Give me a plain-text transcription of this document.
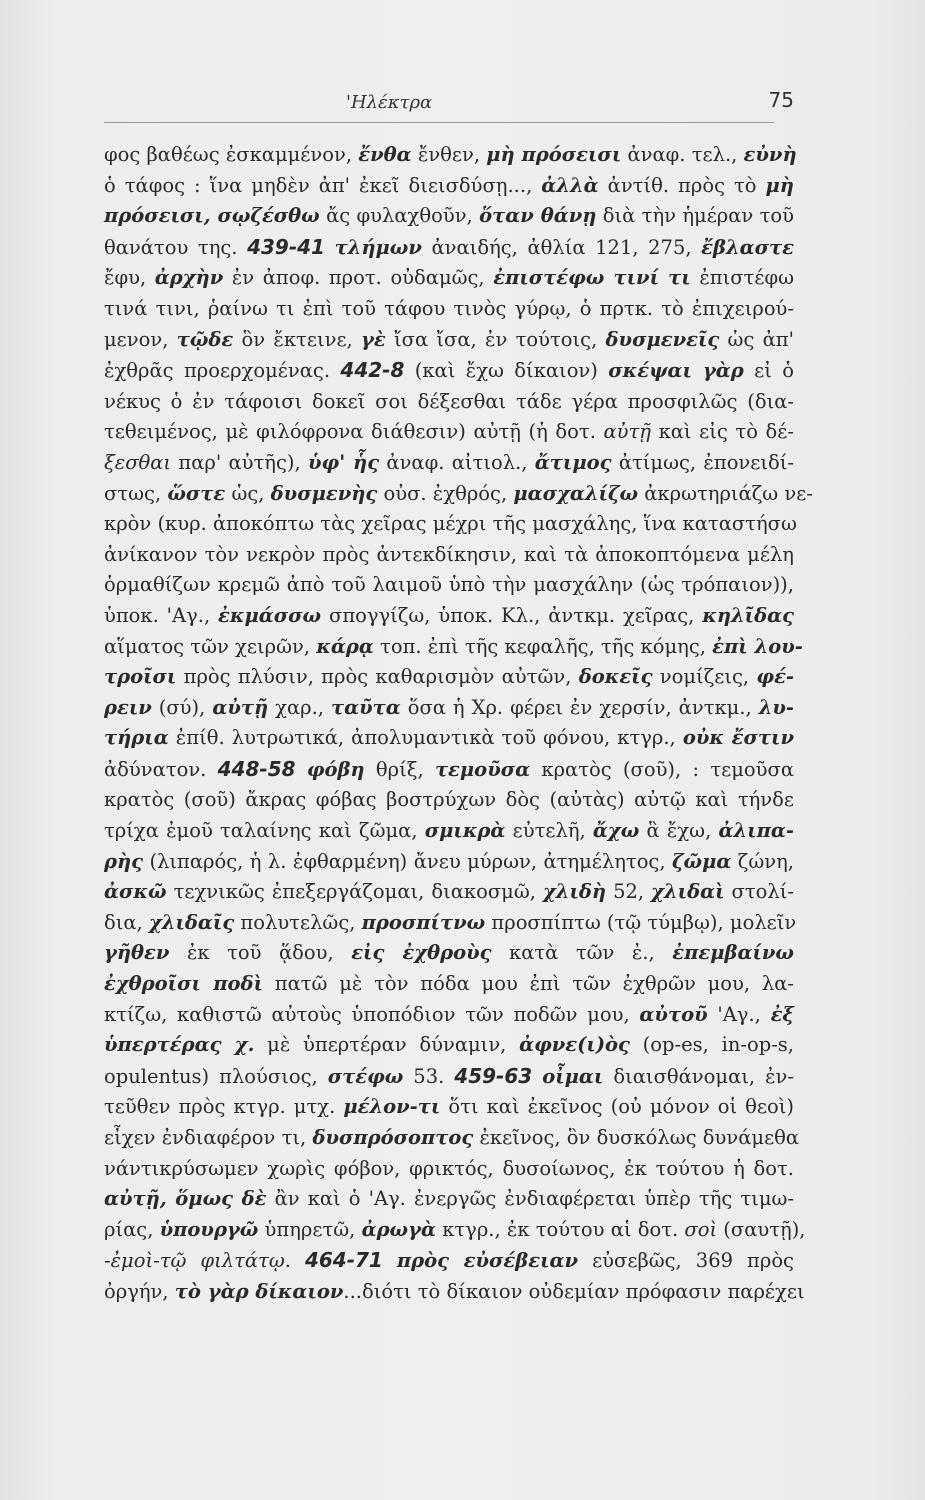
'Ηλέκτρα	75
φος βαθέως ἐσκαμμένον, ἔνθα ἔνθεν, μὴ πρόσεισι ἀναφ. τελ., εὐνὴ
ὁ τάφος : ἵνα μηδὲν ἀπ' ἐκεῖ διεισδύσῃ..., ἀλλὰ ἀντίθ. πρὸς τὸ μὴ
πρόσεισι, σῳζέσθω ἄς φυλαχθοῦν, ὅταν θάνῃ διὰ τὴν ἡμέραν τοῦ
θανάτου της. 439-41 τλήμων ἀναιδής, ἀθλία 121, 275, ἔβλαστε
ἔφυ, ἀρχὴν ἐν ἀποφ. προτ. οὐδαμῶς, ἐπιστέφω τινί τι ἐπιστέφω
τινά τινι, ῥαίνω τι ἐπὶ τοῦ τάφου τινὸς γύρῳ, ὁ πρτκ. τὸ ἐπιχειρού-
μενον, τῷδε ὃν ἔκτεινε, γὲ ἴσα ἴσα, ἐν τούτοις, δυσμενεῖς ὡς ἀπ'
ἐχθρᾶς προερχομένας. 442-8 (καὶ ἔχω δίκαιον) σκέψαι γὰρ εἰ ὁ
νέκυς ὁ ἐν τάφοισι δοκεῖ σοι δέξεσθαι τάδε γέρα προσφιλῶς (δια-
τεθειμένος, μὲ φιλόφρονα διάθεσιν) αὐτῇ (ἡ δοτ. αὐτῇ καὶ εἰς τὸ δέ-
ξεσθαι παρ' αὐτῆς), ὑφ' ἧς ἀναφ. αἰτιολ., ἄτιμος ἀτίμως, ἐπονειδί-
στως, ὥστε ὡς, δυσμενὴς οὐσ. ἐχθρός, μασχαλίζω ἀκρωτηριάζω νε-
κρὸν (κυρ. ἀποκόπτω τὰς χεῖρας μέχρι τῆς μασχάλης, ἵνα καταστήσω
ἀνίκανον τὸν νεκρὸν πρὸς ἀντεκδίκησιν, καὶ τὰ ἀποκοπτόμενα μέλη
ὁρμαθίζων κρεμῶ ἀπὸ τοῦ λαιμοῦ ὑπὸ τὴν μασχάλην (ὡς τρόπαιον)),
ὑποκ. 'Αγ., ἐκμάσσω σπογγίζω, ὑποκ. Κλ., ἀντκμ. χεῖρας, κηλῖδας
αἵματος τῶν χειρῶν, κάρᾳ τοπ. ἐπὶ τῆς κεφαλῆς, τῆς κόμης, ἐπὶ λου-
τροῖσι πρὸς πλύσιν, πρὸς καθαρισμὸν αὐτῶν, δοκεῖς νομίζεις, φέ-
ρειν (σύ), αὐτῇ χαρ., ταῦτα ὅσα ἡ Χρ. φέρει ἐν χερσίν, ἀντκμ., λυ-
τήρια ἐπίθ. λυτρωτικά, ἀπολυμαντικὰ τοῦ φόνου, κτγρ., οὐκ ἔστιν
ἀδύνατον. 448-58 φόβη θρίξ, τεμοῦσα κρατὸς (σοῦ), : τεμοῦσα
κρατὸς (σοῦ) ἄκρας φόβας βοστρύχων δὸς (αὐτὰς) αὐτῷ καὶ τήνδε
τρίχα ἐμοῦ ταλαίνης καὶ ζῶμα, σμικρὰ εὐτελῆ, ἄχω ἃ ἔχω, ἀλιπα-
ρὴς (λιπαρός, ἡ λ. ἐφθαρμένη) ἄνευ μύρων, ἀτημέλητος, ζῶμα ζώνη,
ἀσκῶ τεχνικῶς ἐπεξεργάζομαι, διακοσμῶ, χλιδὴ 52, χλιδαὶ στολί-
δια, χλιδαῖς πολυτελῶς, προσπίτνω προσπίπτω (τῷ τύμβῳ), μολεῖν
γῆθεν ἐκ τοῦ ᾅδου, εἰς ἐχθροὺς κατὰ τῶν ἐ., ἐπεμβαίνω
ἐχθροῖσι ποδὶ πατῶ μὲ τὸν πόδα μου ἐπὶ τῶν ἐχθρῶν μου, λα-
κτίζω, καθιστῶ αὐτοὺς ὑποπόδιον τῶν ποδῶν μου, αὐτοῦ 'Αγ., ἐξ
ὑπερτέρας χ. μὲ ὑπερτέραν δύναμιν, ἀφνε(ι)ὸς (op-es, in-op-s,
opulentus) πλούσιος, στέφω 53. 459-63 οἶμαι διαισθάνομαι, ἐν-
τεῦθεν πρὸς κτγρ. μτχ. μέλον-τι ὅτι καὶ ἐκεῖνος (οὐ μόνον οἱ θεοὶ)
εἶχεν ἐνδιαφέρον τι, δυσπρόσοπτος ἐκεῖνος, ὃν δυσκόλως δυνάμεθα
νάντικρύσωμεν χωρὶς φόβον, φρικτός, δυσοίωνος, ἐκ τούτου ἡ δοτ.
αὐτῇ, ὅμως δὲ ἂν καὶ ὁ 'Αγ. ἐνεργῶς ἐνδιαφέρεται ὑπὲρ τῆς τιμω-
ρίας, ὑπουργῶ ὑπηρετῶ, ἀρωγὰ κτγρ., ἐκ τούτου αἱ δοτ. σοὶ (σαυτῇ),
-ἐμοὶ-τῷ φιλτάτῳ. 464-71 πρὸς εὐσέβειαν εὐσεβῶς, 369 πρὸς
ὀργήν, τὸ γὰρ δίκαιον...διότι τὸ δίκαιον οὐδεμίαν πρόφασιν παρέχει
